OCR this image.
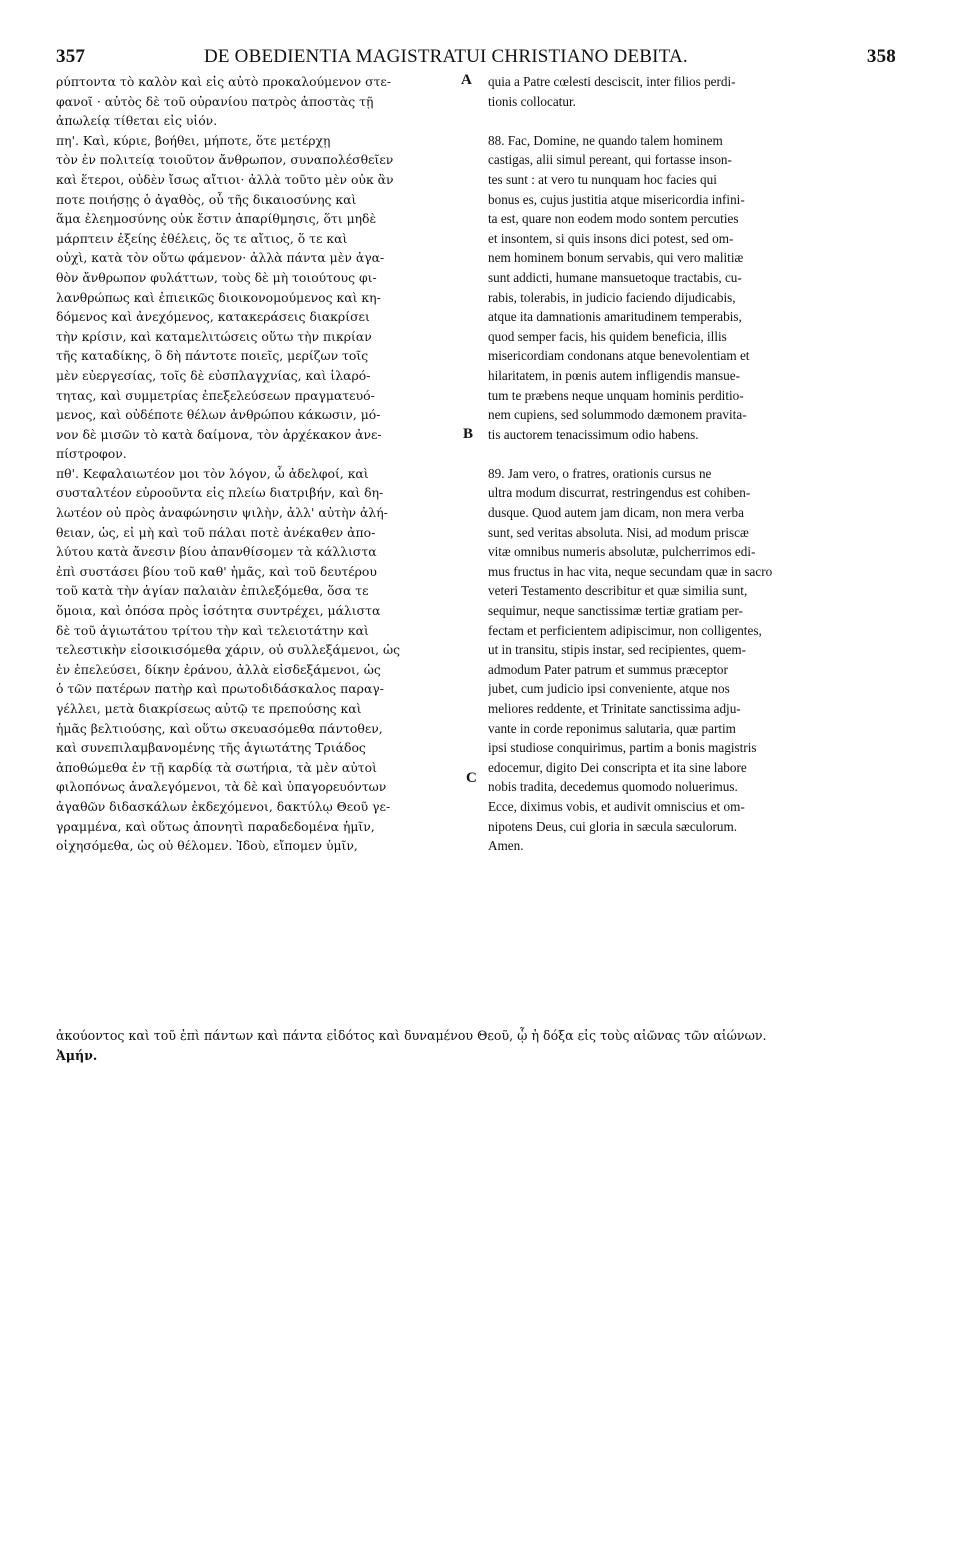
357	DE OBEDIENTIA MAGISTRATUI CHRISTIANO DEBITA.	358
ρύπτοντα τὸ καλὸν καὶ εἰς αὐτὸ προκαλούμενον στε-
φανοῖ · αὐτὸς δὲ τοῦ οὐρανίου πατρὸς ἀποστὰς τῇ
ἀπωλείᾳ τίθεται εἰς υἱόν.
πη'. Καὶ, κύριε, βοήθει, μήποτε, ὅτε μετέρχῃ
τὸν ἐν πολιτείᾳ τοιοῦτον ἄνθρωπον, συναπολέσθεῖεν
καὶ ἕτεροι, οὐδὲν ἴσως αἴτιοι· ἀλλὰ τοῦτο μὲν οὐκ ἂν
ποτε ποιήσῃς ὁ ἀγαθὸς, οὗ τῆς δικαιοσύνης καὶ
ἅμα ἐλεημοσύνης οὐκ ἔστιν ἀπαρίθμησις, ὅτι μηδὲ
μάρπτειν ἐξείης ἐθέλεις, ὅς τε αἴτιος, ὅ τε καὶ
οὐχὶ, κατὰ τὸν οὕτω φάμενον· ἀλλὰ πάντα μὲν ἀγα-
θὸν ἄνθρωπον φυλάττων, τοὺς δὲ μὴ τοιούτους φι-
λανθρώπως καὶ ἐπιεικῶς διοικονομούμενος καὶ κη-
δόμενος καὶ ἀνεχόμενος, κατακεράσεις διακρίσει
τὴν κρίσιν, καὶ καταμελιτώσεις οὕτω τὴν πικρίαν
τῆς καταδίκης, ὃ δὴ πάντοτε ποιεῖς, μερίζων τοῖς
μὲν εὐεργεσίας, τοῖς δὲ εὐσπλαγχνίας, καὶ ἱλαρό-
τητας, καὶ συμμετρίας ἐπεξελεύσεων πραγματευό-
μενος, καὶ οὐδέποτε θέλων ἀνθρώπου κάκωσιν, μό-
νον δὲ μισῶν τὸ κατὰ δαίμονα, τὸν ἀρχέκακον ἀνε-
πίστροφον.
πθ'. Κεφαλαιωτέον μοι τὸν λόγον, ὦ ἀδελφοί, καὶ
συσταλτέον εὐροοῦντα εἰς πλείω διατριβήν, καὶ δη-
λωτέον οὐ πρὸς ἀναφώνησιν ψιλὴν, ἀλλ' αὐτὴν ἀλή-
θειαν, ὡς, εἰ μὴ καὶ τοῦ πάλαι ποτὲ ἀνέκαθεν ἀπο-
λύτου κατὰ ἄνεσιν βίου ἀπανθίσομεν τὰ κάλλιστα
ἐπὶ συστάσει βίου τοῦ καθ' ἡμᾶς, καὶ τοῦ δευτέρου
τοῦ κατὰ τὴν ἁγίαν παλαιὰν ἐπιλεξόμεθα, ὅσα τε
ὅμοια, καὶ ὁπόσα πρὸς ἰσότητα συντρέχει, μάλιστα
δὲ τοῦ ἁγιωτάτου τρίτου τὴν καὶ τελειοτάτην καὶ
τελεστικὴν εἰσοικισόμεθα χάριν, οὐ συλλεξάμενοι, ὡς
ἐν ἐπελεύσει, δίκην ἐράνου, ἀλλὰ εἰσδεξάμενοι, ὡς
ὁ τῶν πατέρων πατὴρ καὶ πρωτοδιδάσκαλος παραγ-
γέλλει, μετὰ διακρίσεως αὐτῷ τε πρεπούσης καὶ
ἡμᾶς βελτιούσης, καὶ οὕτω σκευασόμεθα πάντοθεν,
καὶ συνεπιλαμβανομένης τῆς ἁγιωτάτης Τριάδος
ἀποθώμεθα ἐν τῇ καρδίᾳ τὰ σωτήρια, τὰ μὲν αὐτοὶ
φιλοπόνως ἀναλεγόμενοι, τὰ δὲ καὶ ὑπαγορευόντων
ἀγαθῶν διδασκάλων ἐκδεχόμενοι, δακτύλῳ Θεοῦ γε-
γραμμένα, καὶ οὕτως ἀπονητὶ παραδεδομένα ἡμῖν,
οἰχησόμεθα, ὡς οὐ θέλομεν. Ἰδοὺ, εἴπομεν ὑμῖν,
quia a Patre cœlesti desciscit, inter filios perdi-
tionis collocatur.
88. Fac, Domine, ne quando talem hominem
castigas, alii simul pereant, qui fortasse inson-
tes sunt : at vero tu nunquam hoc facies qui
bonus es, cujus justitia atque misericordia infini-
ta est, quare non eodem modo sontem percuties
et insontem, si quis insons dici potest, sed om-
nem hominem bonum servabis, qui vero malitiæ
sunt addicti, humane mansuetoque tractabis, cu-
rabis, tolerabis, in judicio faciendo dijudicabis,
atque ita damnationis amaritudinem temperabis,
quod semper facis, his quidem beneficia, illis
misericordiam condonans atque benevolentiam et
hilaritatem, in pœnis autem infligendis mansue-
tum te præbens neque unquam hominis perditio-
nem cupiens, sed solummodo dæmonem pravita-
tis auctorem tenacissimum odio habens.
89. Jam vero, o fratres, orationis cursus ne
ultra modum discurrat, restringendus est cohiben-
dusque. Quod autem jam dicam, non mera verba
sunt, sed veritas absoluta. Nisi, ad modum priscæ
vitæ omnibus numeris absolutæ, pulcherrimos edi-
mus fructus in hac vita, neque secundam quæ in sacro
veteri Testamento describitur et quæ similia sunt,
sequimur, neque sanctissimæ tertiæ gratiam per-
fectam et perficientem adipiscimur, non colligentes,
ut in transitu, stipis instar, sed recipientes, quem-
admodum Pater patrum et summus præceptor
jubet, cum judicio ipsi conveniente, atque nos
meliores reddente, et Trinitate sanctissima adju-
vante in corde reponimus salutaria, quæ partim
ipsi studiose conquirimus, partim a bonis magistris
edocemur, digito Dei conscripta et ita sine labore
nobis tradita, decedemus quomodo noluerimus.
Ecce, diximus vobis, et audivit omniscius et om-
nipotens Deus, cui gloria in sæcula sæculorum.
Amen.
A
B
C
ἀκούοντος καὶ τοῦ ἐπὶ πάντων καὶ πάντα εἰδότος καὶ δυναμένου Θεοῦ, ᾧ ἡ δόξα εἰς τοὺς αἰῶνας τῶν αἰώνων.
Ἀμήν.
